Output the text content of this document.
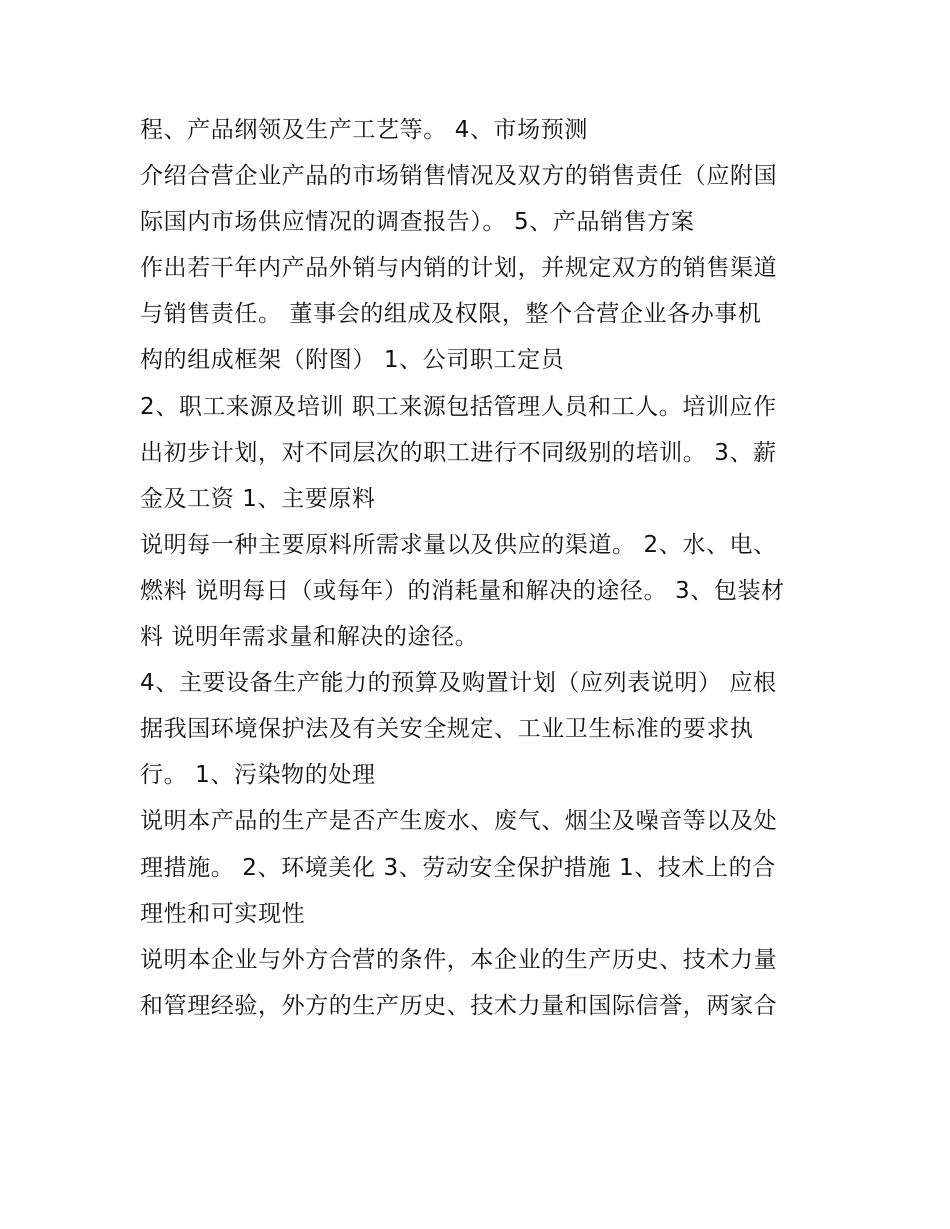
程、产品纲领及生产工艺等。 4、市场预测
介绍合营企业产品的市场销售情况及双方的销售责任（应附国
际国内市场供应情况的调查报告）。 5、产品销售方案
作出若干年内产品外销与内销的计划，并规定双方的销售渠道
与销售责任。 董事会的组成及权限，整个合营企业各办事机
构的组成框架（附图） 1、公司职工定员
2、职工来源及培训 职工来源包括管理人员和工人。培训应作
出初步计划，对不同层次的职工进行不同级别的培训。 3、薪
金及工资 1、主要原料
说明每一种主要原料所需求量以及供应的渠道。 2、水、电、
燃料 说明每日（或每年）的消耗量和解决的途径。 3、包装材
料 说明年需求量和解决的途径。
4、主要设备生产能力的预算及购置计划（应列表说明） 应根
据我国环境保护法及有关安全规定、工业卫生标准的要求执
行。 1、污染物的处理
说明本产品的生产是否产生废水、废气、烟尘及噪音等以及处
理措施。 2、环境美化 3、劳动安全保护措施 1、技术上的合
理性和可实现性
说明本企业与外方合营的条件，本企业的生产历史、技术力量
和管理经验，外方的生产历史、技术力量和国际信誉，两家合
